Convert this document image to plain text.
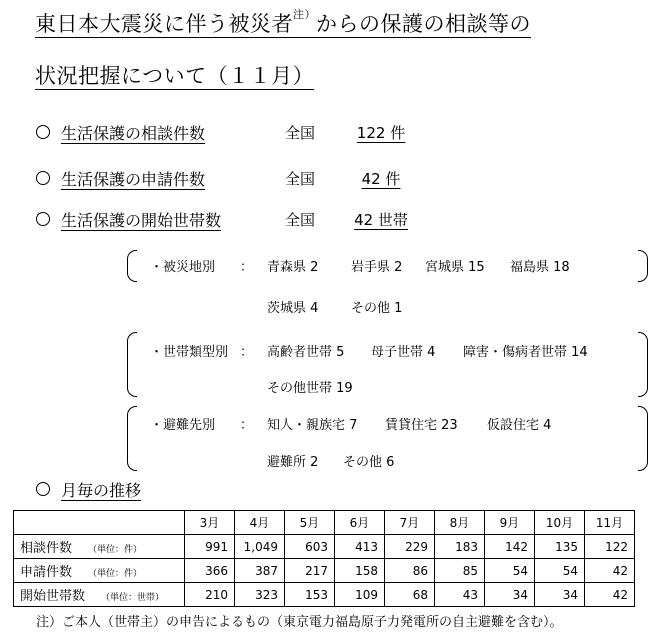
東日本大震災に伴う被災者$^{注)}$からの保護の相談等の
状況把握について（１１月）
生活保護の相談件数	全国	122 件
生活保護の申請件数	全国	42 件
生活保護の開始世帯数	全国	42 世帯
・被災地別 ： 青森県 2	岩手県 2 宮城県 15 福島県 18
茨城県 4	その他 1
・世帯類型別 ： 高齢者世帯 5 母子世帯 4 障害・傷病者世帯 14
その他世帯 19
・避難先別 ： 知人・親族宅 7 賃貸住宅 23 仮設住宅 4
避難所 2 その他 6
月毎の推移
	3月	4月	5月	6月	7月	8月	9月	10月	11月
相談件数 （単位：件）	991	1,049	603	413	229	183	142	135	122
申請件数 （単位：件）	366	387	217	158	86	85	54	54	42
開始世帯数 （単位：世帯）	210	323	153	109	68	43	34	34	42
注）ご本人（世帯主）の申告によるもの（東京電力福島原子力発電所の自主避難を含む）。
